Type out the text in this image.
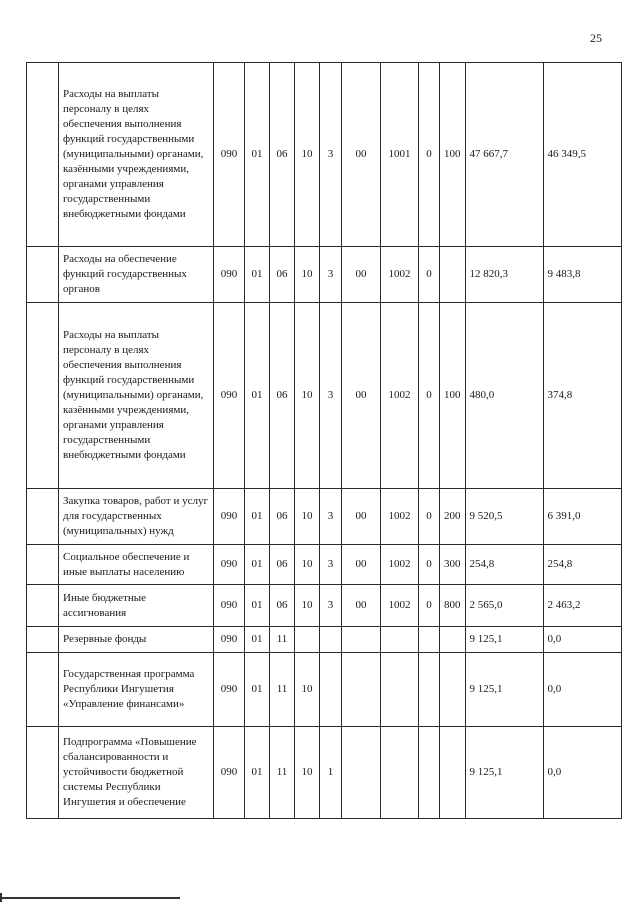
25
	Расходы на выплаты персоналу в целях обеспечения выполнения функций государственными (муниципальными) органами, казёнными учреждениями, органами управления государственными внебюджетными фондами	090	01	06	10	3	00	1001	0	100	47 667,7	46 349,5
	Расходы на обеспечение функций государственных органов	090	01	06	10	3	00	1002	0		12 820,3	9 483,8
	Расходы на выплаты персоналу в целях обеспечения выполнения функций государственными (муниципальными) органами, казёнными учреждениями, органами управления государственными внебюджетными фондами	090	01	06	10	3	00	1002	0	100	480,0	374,8
	Закупка товаров, работ и услуг для государственных (муниципальных) нужд	090	01	06	10	3	00	1002	0	200	9 520,5	6 391,0
	Социальное обеспечение и иные выплаты населению	090	01	06	10	3	00	1002	0	300	254,8	254,8
	Иные бюджетные ассигнования	090	01	06	10	3	00	1002	0	800	2 565,0	2 463,2
	Резервные фонды	090	01	11							9 125,1	0,0
	Государственная программа Республики Ингушетия «Управление финансами»	090	01	11	10						9 125,1	0,0
	Подпрограмма «Повышение сбалансированности и устойчивости бюджетной системы Республики Ингушетия и обеспечение	090	01	11	10	1					9 125,1	0,0
